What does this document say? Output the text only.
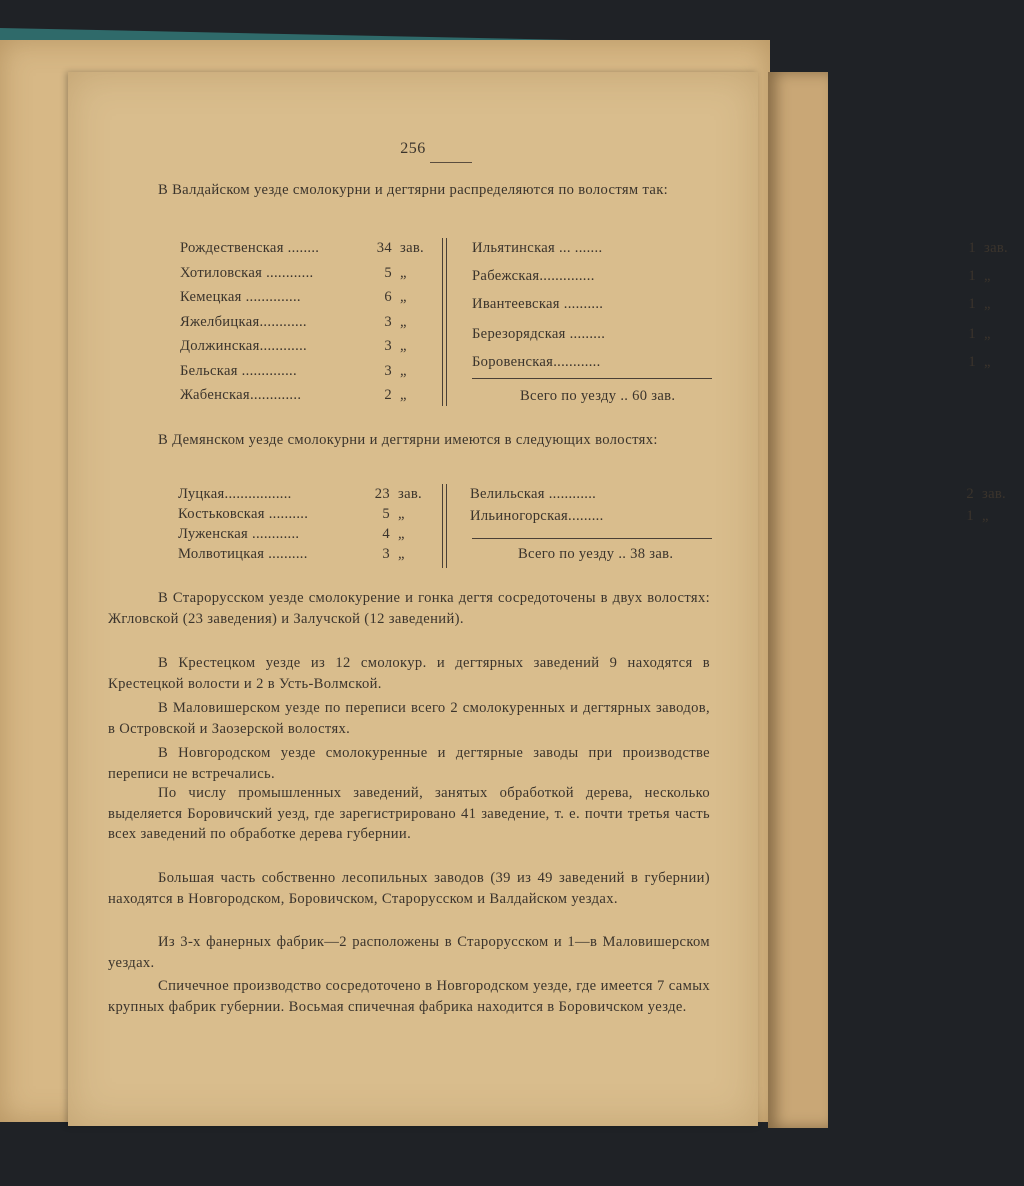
256
В Валдайском уезде смолокурни и дегтярни распределяются по волостям так:
Рождественская ........	34 зав.
Хотиловская ............	5 „
Кемецкая ..............	6 „
Яжелбицкая............	3 „
Должинская............	3 „
Бельская ..............	3 „
Жабенская.............	2 „
Ильятинская ... .......	1 зав.
Рабежская..............	1 „
Ивантеевская ..........	1 „
Березорядская .........	1 „
Боровенская............	1 „
Всего по уезду .. 60 зав.
В Демянском уезде смолокурни и дегтярни имеются в следующих волостях:
Луцкая.................	23 зав.
Костьковская ..........	5 „
Луженская ............	4 „
Молвотицкая ..........	3 „
Велильская ............	2 зав.
Ильиногорская.........	1 „
Всего по уезду .. 38 зав.
В Старорусском уезде смолокурение и гонка дегтя сосредоточены в двух волостях: Жгловской (23 заведения) и Залучской (12 заведений).
В Крестецком уезде из 12 смолокур. и дегтярных заведений 9 находятся в Крестецкой волости и 2 в Усть-Волмской.
В Маловишерском уезде по переписи всего 2 смолокуренных и дегтярных заводов, в Островской и Заозерской волостях.
В Новгородском уезде смолокуренные и дегтярные заводы при производстве переписи не встречались.
По числу промышленных заведений, занятых обработкой дерева, несколько выделяется Боровичский уезд, где зарегистрировано 41 заведение, т. е. почти третья часть всех заведений по обработке дерева губернии.
Большая часть собственно лесопильных заводов (39 из 49 заведений в губернии) находятся в Новгородском, Боровичском, Старорусском и Валдайском уездах.
Из 3-х фанерных фабрик—2 расположены в Старорусском и 1—в Маловишерском уездах.
Спичечное производство сосредоточено в Новгородском уезде, где имеется 7 самых крупных фабрик губернии. Восьмая спичечная фабрика находится в Боровичском уезде.
